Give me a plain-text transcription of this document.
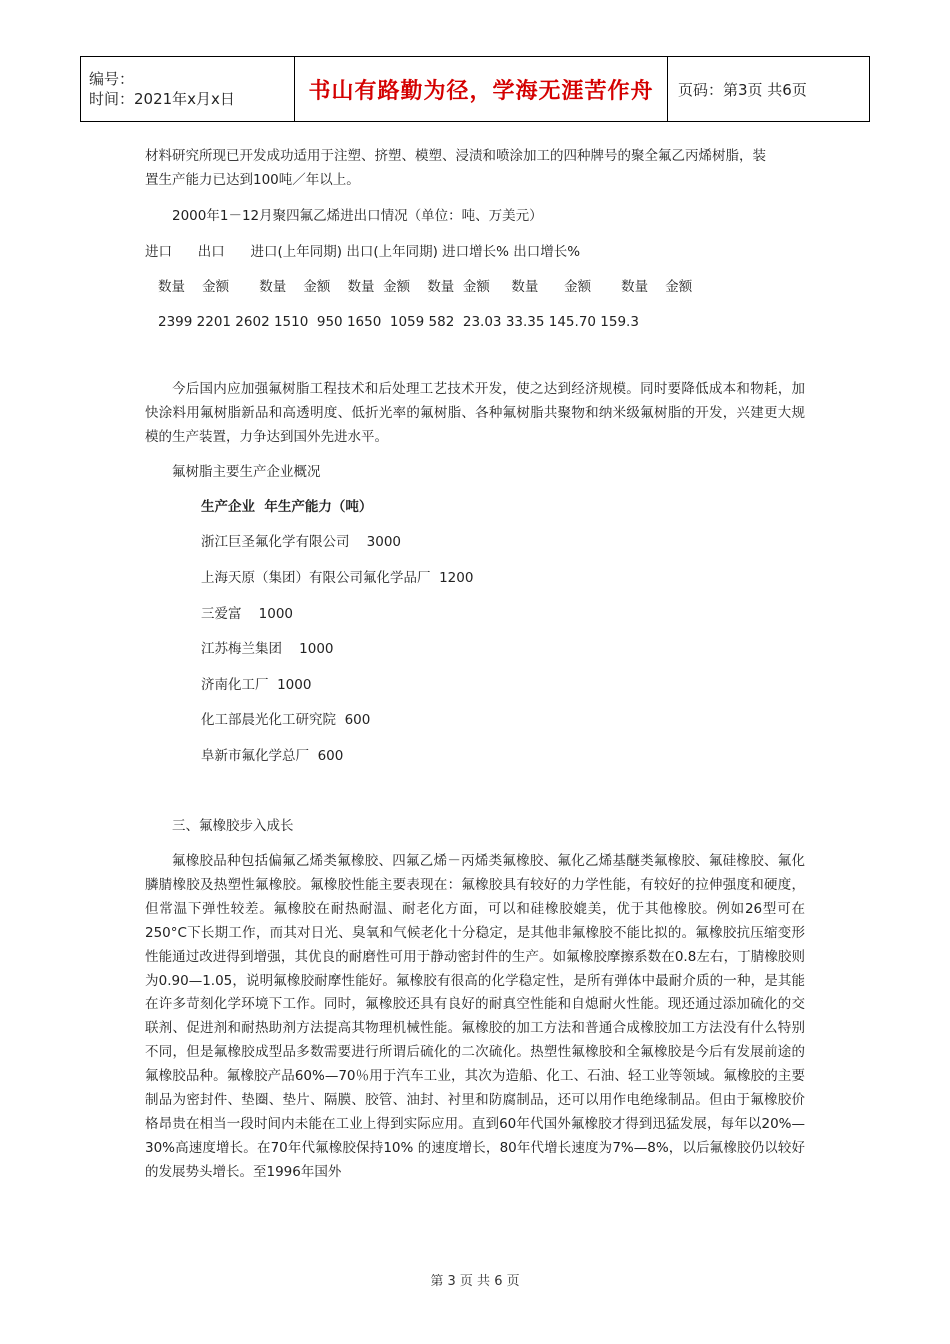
编号：
时间：2021年x月x日	书山有路勤为径，学海无涯苦作舟	页码：第3页 共6页
材料研究所现已开发成功适用于注塑、挤塑、模塑、浸渍和喷涂加工的四种牌号的聚全氟乙丙烯树脂，装
置生产能力已达到100吨／年以上。
2000年1－12月聚四氟乙烯进出口情况（单位：吨、万美元）
进口      出口      进口(上年同期) 出口(上年同期) 进口增长% 出口增长%
数量    金额       数量    金额    数量  金额    数量  金额     数量      金额       数量    金额
2399 2201 2602 1510  950 1650  1059 582  23.03 33.35 145.70 159.3

今后国内应加强氟树脂工程技术和后处理工艺技术开发，使之达到经济规模。同时要降低成本和物耗，加快涂料用氟树脂新品和高透明度、低折光率的氟树脂、各种氟树脂共聚物和纳米级氟树脂的开发，兴建更大规模的生产装置，力争达到国外先进水平。

氟树脂主要生产企业概况
生产企业  年生产能力（吨）
浙江巨圣氟化学有限公司    3000
上海天原（集团）有限公司氟化学品厂  1200
三爱富    1000
江苏梅兰集团    1000
济南化工厂  1000
化工部晨光化工研究院  600
阜新市氟化学总厂  600
三、氟橡胶步入成长

氟橡胶品种包括偏氟乙烯类氟橡胶、四氟乙烯－丙烯类氟橡胶、氟化乙烯基醚类氟橡胶、氟硅橡胶、氟化膦腈橡胶及热塑性氟橡胶。氟橡胶性能主要表现在：氟橡胶具有较好的力学性能，有较好的拉伸强度和硬度，但常温下弹性较差。氟橡胶在耐热耐温、耐老化方面，可以和硅橡胶媲美，优于其他橡胶。例如26型可在250°C下长期工作，而其对日光、臭氧和气候老化十分稳定，是其他非氟橡胶不能比拟的。氟橡胶抗压缩变形性能通过改进得到增强，其优良的耐磨性可用于静动密封件的生产。如氟橡胶摩擦系数在0.8左右，丁腈橡胶则为0.90—1.05，说明氟橡胶耐摩性能好。氟橡胶有很高的化学稳定性，是所有弹体中最耐介质的一种，是其能在许多苛刻化学环境下工作。同时，氟橡胶还具有良好的耐真空性能和自熄耐火性能。现还通过添加硫化的交联剂、促进剂和耐热助剂方法提高其物理机械性能。氟橡胶的加工方法和普通合成橡胶加工方法没有什么特别不同，但是氟橡胶成型品多数需要进行所谓后硫化的二次硫化。热塑性氟橡胶和全氟橡胶是今后有发展前途的氟橡胶品种。氟橡胶产品60%—70％用于汽车工业，其次为造船、化工、石油、轻工业等领域。氟橡胶的主要制品为密封件、垫圈、垫片、隔膜、胶管、油封、衬里和防腐制品，还可以用作电绝缘制品。但由于氟橡胶价格昂贵在相当一段时间内未能在工业上得到实际应用。直到60年代国外氟橡胶才得到迅猛发展，每年以20%—30%高速度增长。在70年代氟橡胶保持10% 的速度增长，80年代增长速度为7%—8%，以后氟橡胶仍以较好的发展势头增长。至1996年国外

第 3 页 共 6 页
